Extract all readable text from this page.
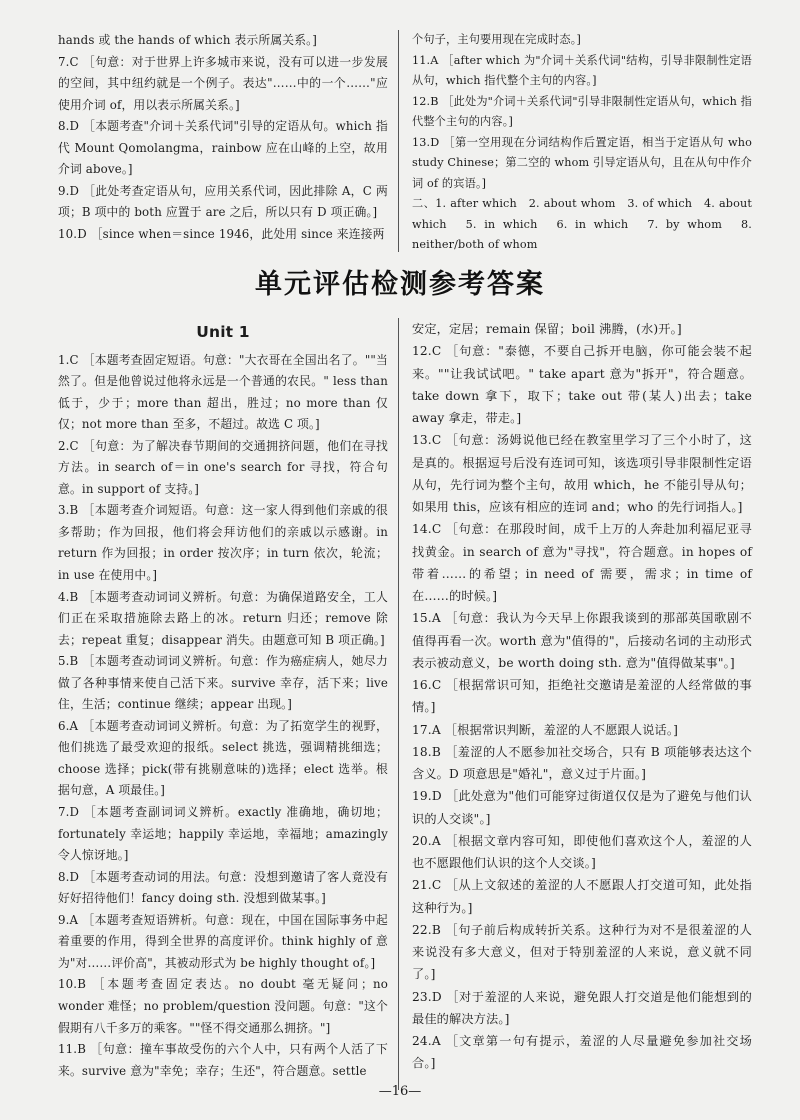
hands 或 the hands of which 表示所属关系。]

7.C ［句意：对于世界上许多城市来说，没有可以进一步发展的空间，其中纽约就是一个例子。表达"……中的一个……"应使用介词 of，用以表示所属关系。]

8.D ［本题考查"介词＋关系代词"引导的定语从句。which 指代 Mount Qomolangma，rainbow 应在山峰的上空，故用介词 above。]

9.D ［此处考查定语从句，应用关系代词，因此排除 A，C 两项；B 项中的 both 应置于 are 之后，所以只有 D 项正确。]

10.D ［since when＝since 1946，此处用 since 来连接两

个句子，主句要用现在完成时态。]

11.A ［after which 为"介词＋关系代词"结构，引导非限制性定语从句，which 指代整个主句的内容。]

12.B ［此处为"介词＋关系代词"引导非限制性定语从句，which 指代整个主句的内容。]

13.D ［第一空用现在分词结构作后置定语，相当于定语从句 who study Chinese；第二空的 whom 引导定语从句，且在从句中作介词 of 的宾语。]

二、1. after which　2. about whom　3. of which　4. about which　5. in which　6. in which　7. by whom　8. neither/both of whom

单元评估检测参考答案
Unit 1

1.C ［本题考查固定短语。句意："大衣哥在全国出名了。""当然了。但是他曾说过他将永远是一个普通的农民。" less than 低于，少于；more than 超出，胜过；no more than 仅仅；not more than 至多，不超过。故选 C 项。]

2.C ［句意：为了解决春节期间的交通拥挤问题，他们在寻找方法。in search of＝in one's search for 寻找，符合句意。in support of 支持。]

3.B ［本题考查介词短语。句意：这一家人得到他们亲戚的很多帮助；作为回报，他们将会拜访他们的亲戚以示感谢。in return 作为回报；in order 按次序；in turn 依次，轮流；in use 在使用中。]

4.B ［本题考查动词词义辨析。句意：为确保道路安全，工人们正在采取措施除去路上的冰。return 归还；remove 除去；repeat 重复；disappear 消失。由题意可知 B 项正确。]

5.B ［本题考查动词词义辨析。句意：作为癌症病人，她尽力做了各种事情来使自己活下来。survive 幸存，活下来；live 住，生活；continue 继续；appear 出现。]

6.A ［本题考查动词词义辨析。句意：为了拓宽学生的视野，他们挑选了最受欢迎的报纸。select 挑选，强调精挑细选；choose 选择；pick(带有挑剔意味的)选择；elect 选举。根据句意，A 项最佳。]

7.D ［本题考查副词词义辨析。exactly 准确地，确切地；fortunately 幸运地；happily 幸运地，幸福地；amazingly 令人惊讶地。]

8.D ［本题考查动词的用法。句意：没想到邀请了客人竟没有好好招待他们！fancy doing sth. 没想到做某事。]

9.A ［本题考查短语辨析。句意：现在，中国在国际事务中起着重要的作用，得到全世界的高度评价。think highly of 意为"对……评价高"，其被动形式为 be highly thought of。]

10.B ［本题考查固定表达。no doubt 毫无疑问；no wonder 难怪；no problem/question 没问题。句意："这个假期有八千多万的乘客。""怪不得交通那么拥挤。"]

11.B ［句意：撞车事故受伤的六个人中，只有两个人活了下来。survive 意为"幸免；幸存；生还"，符合题意。settle

安定，定居；remain 保留；boil 沸腾，(水)开。]

12.C ［句意："泰德，不要自己拆开电脑，你可能会装不起来。""让我试试吧。" take apart 意为"拆开"，符合题意。take down 拿下，取下；take out 带(某人)出去；take away 拿走，带走。]

13.C ［句意：汤姆说他已经在教室里学习了三个小时了，这是真的。根据逗号后没有连词可知，该选项引导非限制性定语从句，先行词为整个主句，故用 which，he 不能引导从句；如果用 this，应该有相应的连词 and；who 的先行词指人。]

14.C ［句意：在那段时间，成千上万的人奔赴加利福尼亚寻找黄金。in search of 意为"寻找"，符合题意。in hopes of 带着……的希望；in need of 需要，需求；in time of 在……的时候。]

15.A ［句意：我认为今天早上你跟我谈到的那部英国歌剧不值得再看一次。worth 意为"值得的"，后接动名词的主动形式表示被动意义，be worth doing sth. 意为"值得做某事"。]

16.C ［根据常识可知，拒绝社交邀请是羞涩的人经常做的事情。]

17.A ［根据常识判断，羞涩的人不愿跟人说话。]

18.B ［羞涩的人不愿参加社交场合，只有 B 项能够表达这个含义。D 项意思是"婚礼"，意义过于片面。]

19.D ［此处意为"他们可能穿过街道仅仅是为了避免与他们认识的人交谈"。]

20.A ［根据文章内容可知，即使他们喜欢这个人，羞涩的人也不愿跟他们认识的这个人交谈。]

21.C ［从上文叙述的羞涩的人不愿跟人打交道可知，此处指这种行为。]

22.B ［句子前后构成转折关系。这种行为对不是很羞涩的人来说没有多大意义，但对于特别羞涩的人来说，意义就不同了。]

23.D ［对于羞涩的人来说，避免跟人打交道是他们能想到的最佳的解决方法。]

24.A ［文章第一句有提示，羞涩的人尽量避免参加社交场合。]

—16—
